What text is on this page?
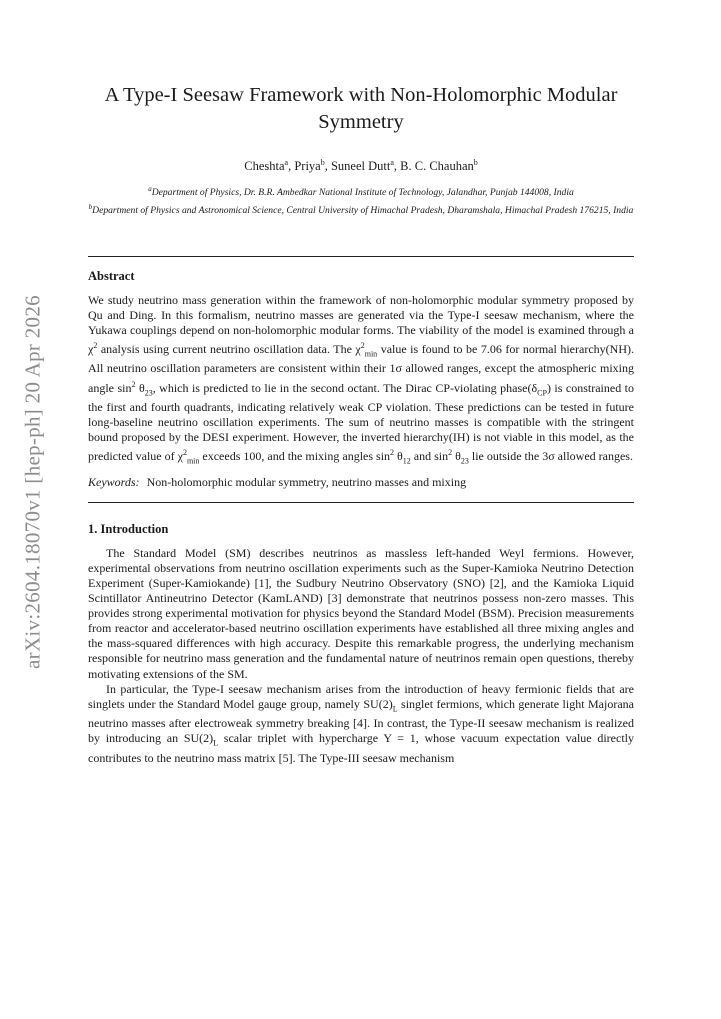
arXiv:2604.18070v1 [hep-ph] 20 Apr 2026
A Type-I Seesaw Framework with Non-Holomorphic Modular Symmetry
Cheshta$^a$, Priya$^b$, Suneel Dutt$^a$, B. C. Chauhan$^b$
$^a$Department of Physics, Dr. B.R. Ambedkar National Institute of Technology, Jalandhar, Punjab 144008, India
$^b$Department of Physics and Astronomical Science, Central University of Himachal Pradesh, Dharamshala, Himachal Pradesh 176215, India
Abstract

We study neutrino mass generation within the framework of non-holomorphic modular symmetry proposed by Qu and Ding. In this formalism, neutrino masses are generated via the Type-I seesaw mechanism, where the Yukawa couplings depend on non-holomorphic modular forms. The viability of the model is examined through a $\chi^2$ analysis using current neutrino oscillation data. The $\chi^2_{min}$ value is found to be 7.06 for normal hierarchy(NH). All neutrino oscillation parameters are consistent within their 1σ allowed ranges, except the atmospheric mixing angle $\sin^2 \theta_{23}$, which is predicted to lie in the second octant. The Dirac CP-violating $phase(\delta_{CP})$ is constrained to the first and fourth quadrants, indicating relatively weak CP violation. These predictions can be tested in future long-baseline neutrino oscillation experiments. The sum of neutrino masses is compatible with the stringent bound proposed by the DESI experiment. However, the inverted hierarchy(IH) is not viable in this model, as the predicted value of $\chi^2_{min}$ exceeds 100, and the mixing angles $\sin^2 \theta_{12}$ and $\sin^2 \theta_{23}$ lie outside the 3σ allowed ranges.

Keywords: Non-holomorphic modular symmetry, neutrino masses and mixing
1. Introduction

The Standard Model (SM) describes neutrinos as massless left-handed Weyl fermions. However, experimental observations from neutrino oscillation experiments such as the Super-Kamioka Neutrino Detection Experiment (Super-Kamiokande) [1], the Sudbury Neutrino Observatory (SNO) [2], and the Kamioka Liquid Scintillator Antineutrino Detector (KamLAND) [3] demonstrate that neutrinos possess non-zero masses. This provides strong experimental motivation for physics beyond the Standard Model (BSM). Precision measurements from reactor and accelerator-based neutrino oscillation experiments have established all three mixing angles and the mass-squared differences with high accuracy. Despite this remarkable progress, the underlying mechanism responsible for neutrino mass generation and the fundamental nature of neutrinos remain open questions, thereby motivating extensions of the SM.

In particular, the Type-I seesaw mechanism arises from the introduction of heavy fermionic fields that are singlets under the Standard Model gauge group, namely $SU(2)_L$ singlet fermions, which generate light Majorana neutrino masses after electroweak symmetry breaking [4]. In contrast, the Type-II seesaw mechanism is realized by introducing an $SU(2)_L$ scalar triplet with hypercharge Y = 1, whose vacuum expectation value directly contributes to the neutrino mass matrix [5]. The Type-III seesaw mechanism
